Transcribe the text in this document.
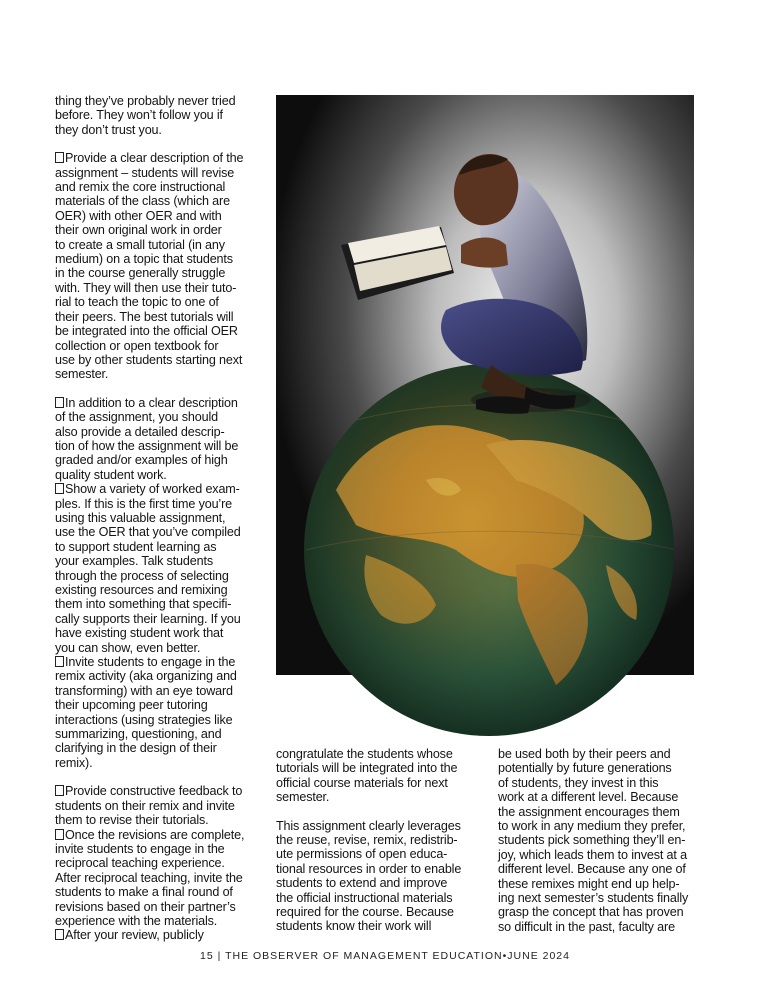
thing they’ve probably never tried
before. They won’t follow you if
they don’t trust you.

Provide a clear description of the
assignment – students will revise
and remix the core instructional
materials of the class (which are
OER) with other OER and with
their own original work in order
to create a small tutorial (in any
medium) on a topic that students
in the course generally struggle
with. They will then use their tuto-
rial to teach the topic to one of
their peers. The best tutorials will
be integrated into the official OER
collection or open textbook for
use by other students starting next
semester.

In addition to a clear description
of the assignment, you should
also provide a detailed descrip-
tion of how the assignment will be
graded and/or examples of high
quality student work.

Show a variety of worked exam-
ples. If this is the first time you’re
using this valuable assignment,
use the OER that you’ve compiled
to support student learning as
your examples. Talk students
through the process of selecting
existing resources and remixing
them into something that specifi-
cally supports their learning. If you
have existing student work that
you can show, even better.

Invite students to engage in the
remix activity (aka organizing and
transforming) with an eye toward
their upcoming peer tutoring
interactions (using strategies like
summarizing, questioning, and
clarifying in the design of their
remix).

Provide constructive feedback to
students on their remix and invite
them to revise their tutorials.

Once the revisions are complete,
invite students to engage in the
reciprocal teaching experience.
After reciprocal teaching, invite the
students to make a final round of
revisions based on their partner’s
experience with the materials.

After your review, publicly

congratulate the students whose
tutorials will be integrated into the
official course materials for next
semester.

This assignment clearly leverages
the reuse, revise, remix, redistrib-
ute permissions of open educa-
tional resources in order to enable
students to extend and improve
the official instructional materials
required for the course. Because
students know their work will

be used both by their peers and
potentially by future generations
of students, they invest in this
work at a different level. Because
the assignment encourages them
to work in any medium they prefer,
students pick something they’ll en-
joy, which leads them to invest at a
different level. Because any one of
these remixes might end up help-
ing next semester’s students finally
grasp the concept that has proven
so difficult in the past, faculty are

15 | THE OBSERVER OF MANAGEMENT EDUCATION•JUNE 2024
